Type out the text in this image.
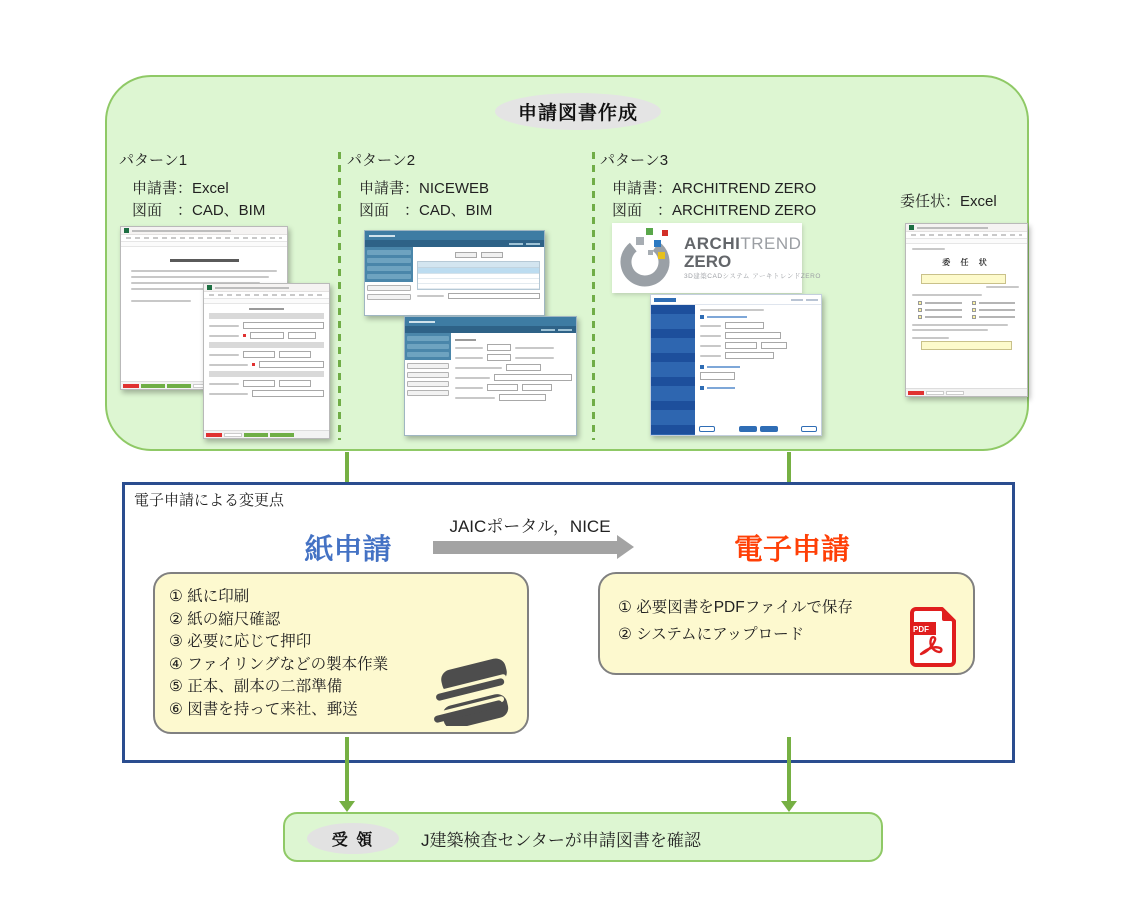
申請図書作成
パターン1
申請書：Excel
図面　：CAD、BIM
パターン2
申請書：NICEWEB
図面　：CAD、BIM
パターン3
申請書：ARCHITREND ZERO
図面　：ARCHITREND ZERO
委任状：Excel
ARCHITREND
ZERO
3D建築CADシステム アーキトレンドZERO
委 任 状
電子申請による変更点
紙申請	電子申請
JAICポータル，NICE
① 紙に印刷
② 紙の縮尺確認
③ 必要に応じて押印
④ ファイリングなどの製本作業
⑤ 正本、副本の二部準備
⑥ 図書を持って来社、郵送
① 必要図書をPDFファイルで保存
② システムにアップロード	PDF
受 領	J建築検査センターが申請図書を確認
